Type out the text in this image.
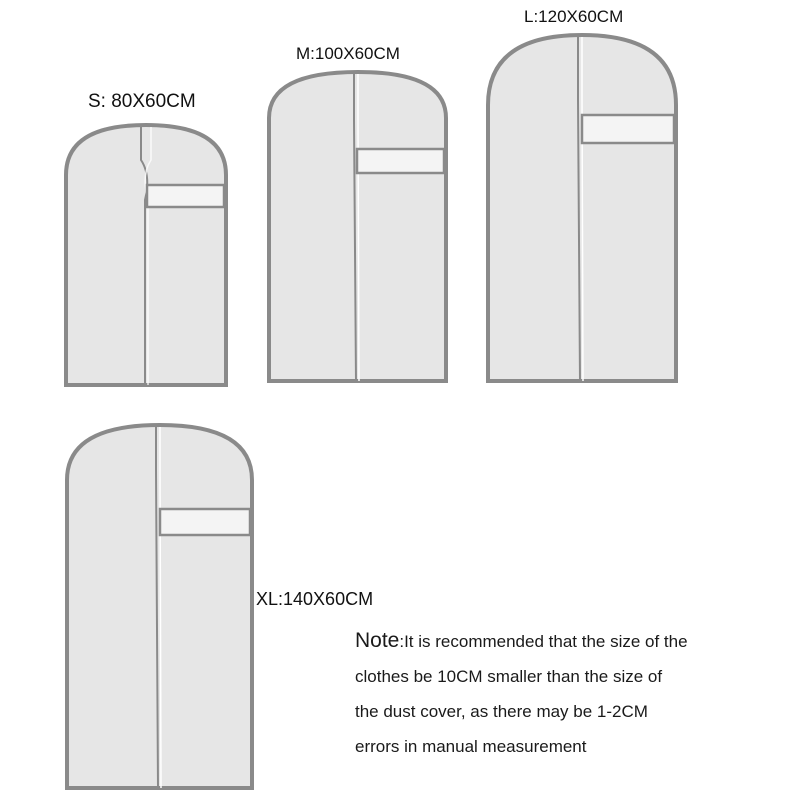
S: 80X60CM
M:100X60CM
L:120X60CM
XL:140X60CM

Note:It is recommended that the size of the

clothes be 10CM smaller than the size of

the dust cover, as there may be 1-2CM

errors in manual measurement
